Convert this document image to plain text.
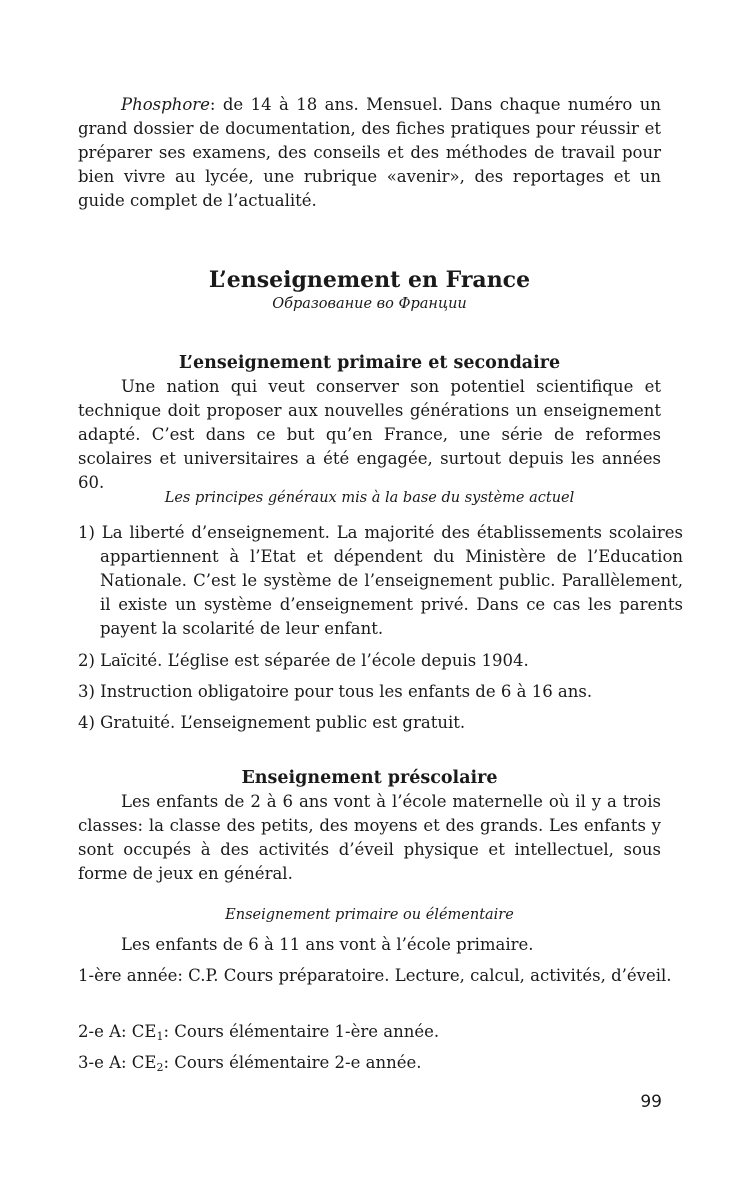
Phosphore: de 14 à 18 ans. Mensuel. Dans chaque numéro un grand dossier de documentation, des fiches pratiques pour réussir et préparer ses examens, des conseils et des méthodes de travail pour bien vivre au lycée, une rubrique «avenir», des reportages et un guide complet de l’actualité.
L’enseignement en France
Образование во Франции
L’enseignement primaire et secondaire
Une nation qui veut conserver son potentiel scientifique et technique doit proposer aux nouvelles générations un enseignement adapté. C’est dans ce but qu’en France, une série de reformes scolaires et universitaires a été engagée, surtout depuis les années 60.
Les principes généraux mis à la base du système actuel
1) La liberté d’enseignement. La majorité des établissements scolaires appartiennent à l’Etat et dépendent du Ministère de l’Education Nationale. C’est le système de l’enseignement public. Parallèlement, il existe un système d’enseignement privé. Dans ce cas les parents payent la scolarité de leur enfant.
2) Laïcité. L’église est séparée de l’école depuis 1904.
3) Instruction obligatoire pour tous les enfants de 6 à 16 ans.
4) Gratuité. L’enseignement public est gratuit.
Enseignement préscolaire
Les enfants de 2 à 6 ans vont à l’école maternelle où il y a trois classes: la classe des petits, des moyens et des grands. Les enfants y sont occupés à des activités d’éveil physique et intellectuel, sous forme de jeux en général.
Enseignement primaire ou élémentaire
Les enfants de 6 à 11 ans vont à l’école primaire.
1-ère année: C.P. Cours préparatoire. Lecture, calcul, activités, d’éveil.
2-e A: $CE_1$: Cours élémentaire 1-ère année.
3-e A: $CE_2$: Cours élémentaire 2-e année.
99
